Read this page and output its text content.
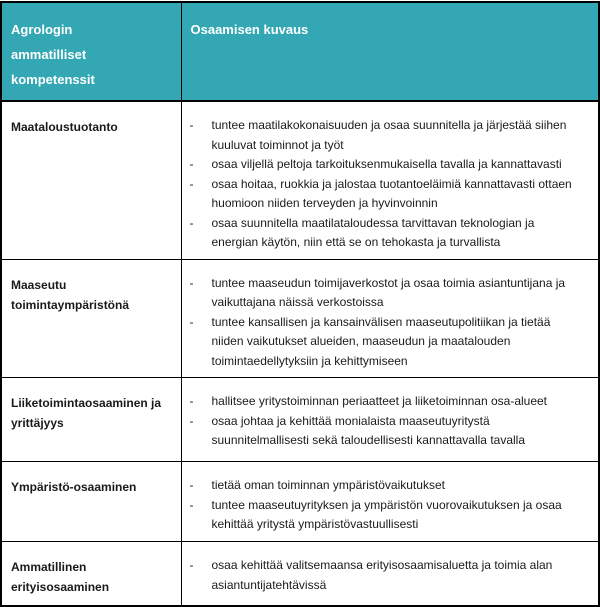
Agrologin ammatilliset kompetenssit	Osaamisen kuvaus

Maataloustuotanto	-	tuntee maatilakokonaisuuden ja osaa suunnitella ja järjestää siihen kuuluvat toiminnot ja työt
-	osaa viljellä peltoja tarkoituksenmukaisella tavalla ja kannattavasti
-	osaa hoitaa, ruokkia ja jalostaa tuotantoeläimiä kannattavasti ottaen huomioon niiden terveyden ja hyvinvoinnin
-	osaa suunnitella maatilataloudessa tarvittavan teknologian ja energian käytön, niin että se on tehokasta ja turvallista

Maaseutu toimintaympäristönä	- tuntee maaseudun toimijaverkostot ja osaa toimia asiantuntijana ja vaikuttajana näissä verkostoissa
- tuntee kansallisen ja kansainvälisen maaseutupolitiikan ja tietää niiden vaikutukset alueiden, maaseudun ja maatalouden toimintaedellytyksiin ja kehittymiseen

Liiketoimintaosaaminen ja yrittäjyys	- hallitsee yritystoiminnan periaatteet ja liiketoiminnan osa-alueet
- osaa johtaa ja kehittää monialaista maaseutuyritystä suunnitelmallisesti sekä taloudellisesti kannattavalla tavalla

Ympäristö-osaaminen	- tietää oman toiminnan ympäristövaikutukset
- tuntee maaseutuyrityksen ja ympäristön vuorovaikutuksen ja osaa kehittää yritystä ympäristövastuullisesti

Ammatillinen erityisosaaminen	- osaa kehittää valitsemaansa erityisosaamisaluetta ja toimia alan asiantuntijatehtävissä
